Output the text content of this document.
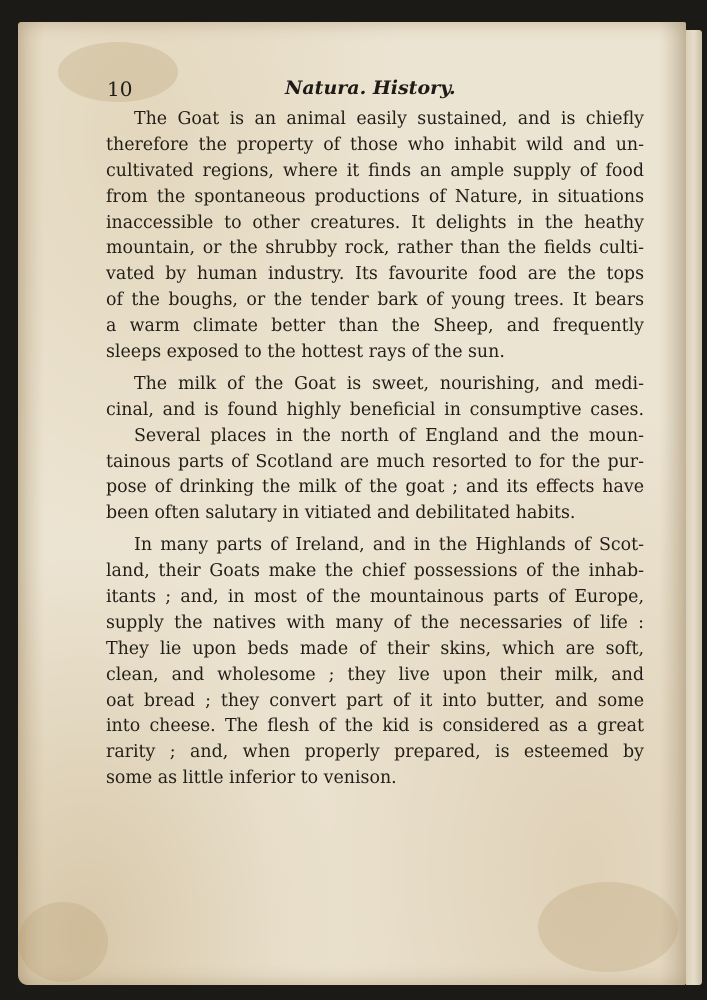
10	Natura. History.
The Goat is an animal easily sustained, and is chiefly
therefore the property of those who inhabit wild and un-
cultivated regions, where it finds an ample supply of food
from the spontaneous productions of Nature, in situations
inaccessible to other creatures. It delights in the heathy
mountain, or the shrubby rock, rather than the fields culti-
vated by human industry. Its favourite food are the tops
of the boughs, or the tender bark of young trees. It bears
a warm climate better than the Sheep, and frequently
sleeps exposed to the hottest rays of the sun.
The milk of the Goat is sweet, nourishing, and medi-
cinal, and is found highly beneficial in consumptive cases.
Several places in the north of England and the moun-
tainous parts of Scotland are much resorted to for the pur-
pose of drinking the milk of the goat ; and its effects have
been often salutary in vitiated and debilitated habits.
In many parts of Ireland, and in the Highlands of Scot-
land, their Goats make the chief possessions of the inhab-
itants ; and, in most of the mountainous parts of Europe,
supply the natives with many of the necessaries of life :
They lie upon beds made of their skins, which are soft,
clean, and wholesome ; they live upon their milk, and
oat bread ; they convert part of it into butter, and some
into cheese. The flesh of the kid is considered as a great
rarity ; and, when properly prepared, is esteemed by
some as little inferior to venison.
